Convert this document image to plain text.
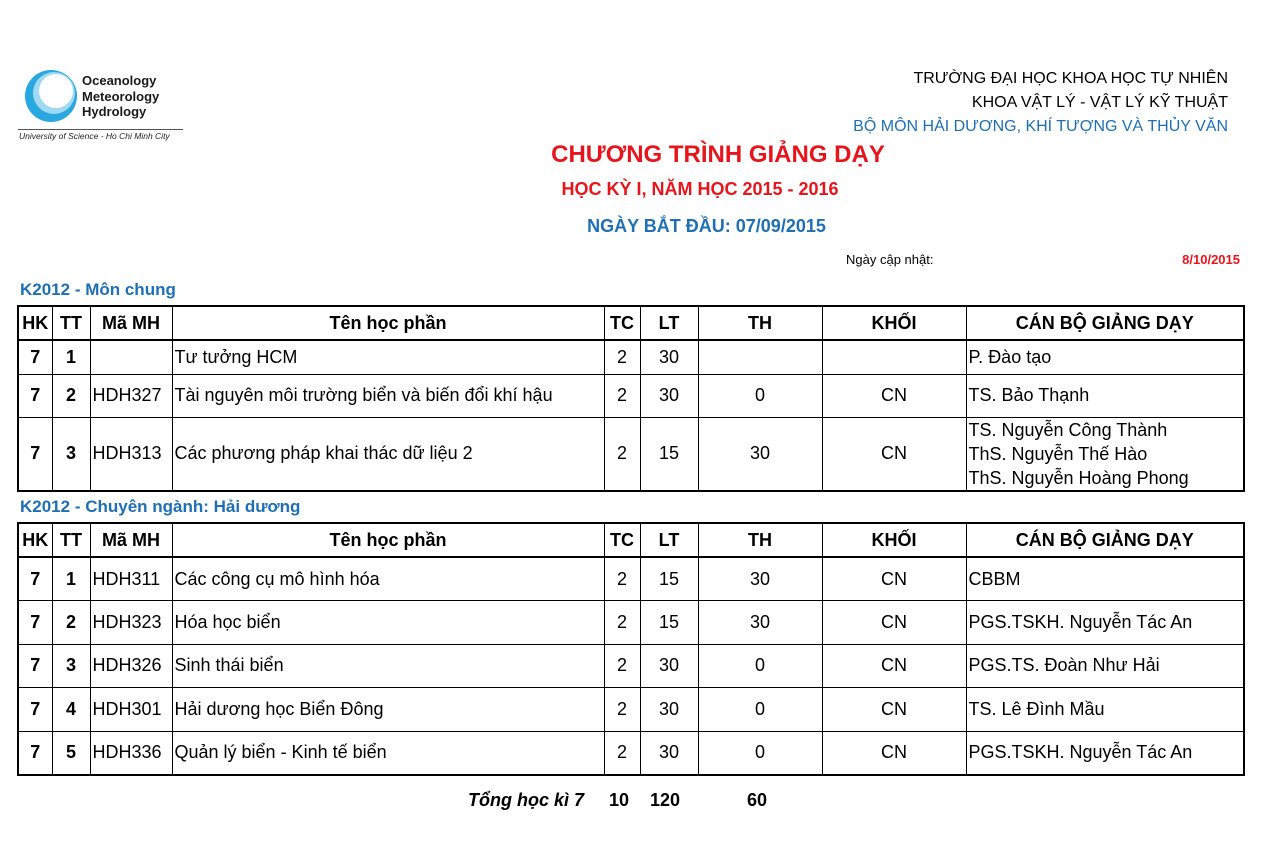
Oceanology
Meteorology
Hydrology
University of Science - Ho Chi Minh City
TRƯỜNG ĐẠI HỌC KHOA HỌC TỰ NHIÊN
KHOA VẬT LÝ - VẬT LÝ KỸ THUẬT
BỘ MÔN HẢI DƯƠNG, KHÍ TƯỢNG VÀ THỦY VĂN
CHƯƠNG TRÌNH GIẢNG DẠY
HỌC KỲ I, NĂM HỌC 2015 - 2016
NGÀY BẮT ĐẦU: 07/09/2015
Ngày cập nhật:	8/10/2015
K2012 - Môn chung
HK	TT	Mã MH	Tên học phần	TC	LT	TH	KHỐI	CÁN BỘ GIẢNG DẠY
7	1		Tư tưởng HCM	2	30			P. Đào tạo
7	2	HDH327	Tài nguyên môi trường biển và biến đổi khí hậu	2	30	0	CN	TS. Bảo Thạnh
7	3	HDH313	Các phương pháp khai thác dữ liệu 2	2	15	30	CN	TS. Nguyễn Công Thành
ThS. Nguyễn Thế Hào
ThS. Nguyễn Hoàng Phong
K2012 - Chuyên ngành: Hải dương
HK	TT	Mã MH	Tên học phần	TC	LT	TH	KHỐI	CÁN BỘ GIẢNG DẠY
7	1	HDH311	Các công cụ mô hình hóa	2	15	30	CN	CBBM
7	2	HDH323	Hóa học biển	2	15	30	CN	PGS.TSKH. Nguyễn Tác An
7	3	HDH326	Sinh thái biển	2	30	0	CN	PGS.TS. Đoàn Như Hải
7	4	HDH301	Hải dương học Biển Đông	2	30	0	CN	TS. Lê Đình Mầu
7	5	HDH336	Quản lý biển - Kinh tế biển	2	30	0	CN	PGS.TSKH. Nguyễn Tác An
Tổng học kì 7 10 120	60
